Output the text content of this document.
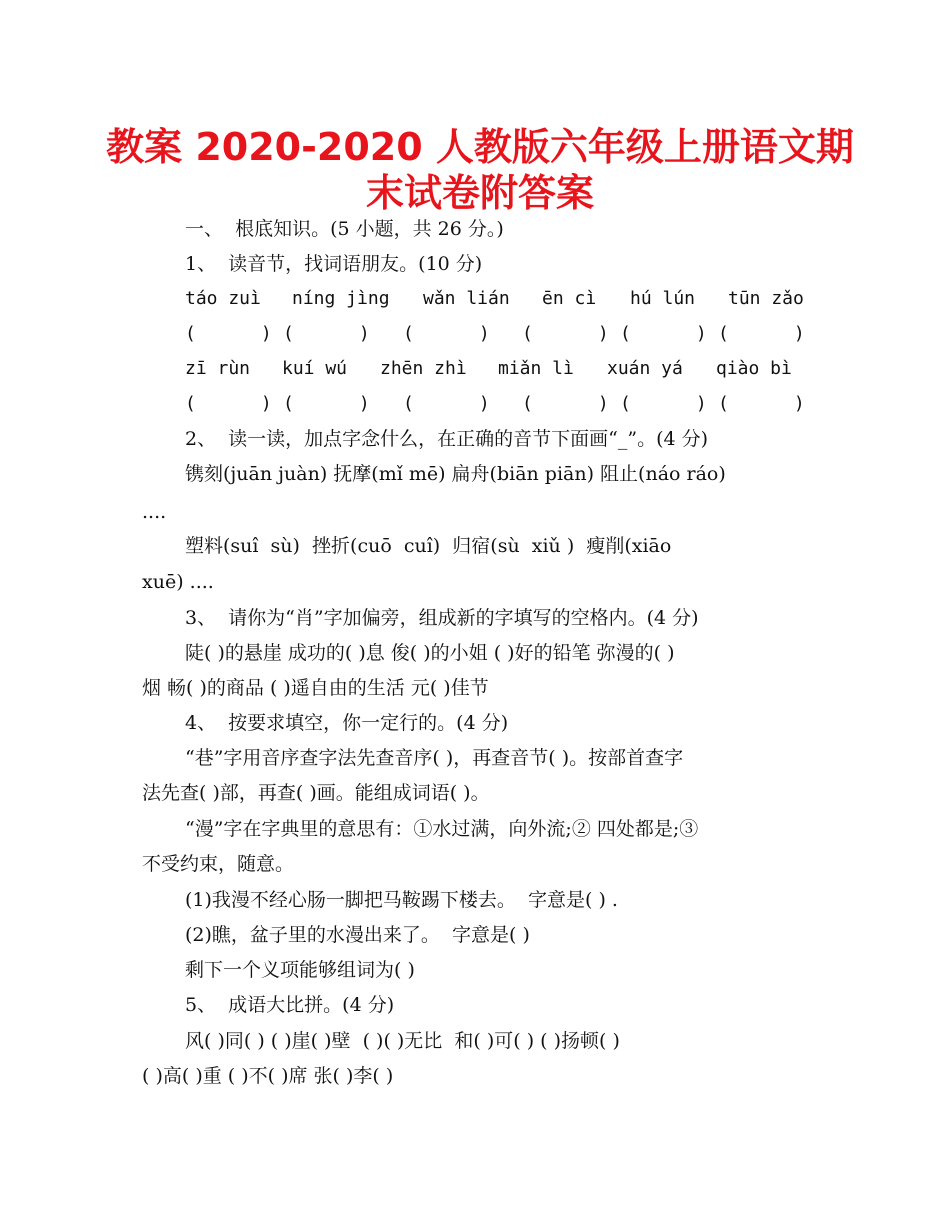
教案 2020-2020 人教版六年级上册语文期
末试卷附答案
一、  根底知识。(5 小题，共 26 分。)
1、  读音节，找词语朋友。(10 分)
táo zuì níng jìng wǎn lián ēn cì hú lún tūn zǎo
(      ) (      ) (      ) (      ) (      ) (      )
zī rùn kuí wú zhēn zhì miǎn lì xuán yá qiào bì
(      ) (      ) (      ) (      ) (      ) (      )
2、  读一读，加点字念什么，在正确的音节下面画“_”。(4 分)
镌刻(juān juàn) 抚摩(mǐ mē) 扁舟(biān piān) 阻止(náo ráo)
....
塑料(suî  sù)  挫折(cuō  cuî)  归宿(sù  xiǔ )  瘦削(xiāo
xuē) ....
3、  请你为“肖”字加偏旁，组成新的字填写的空格内。(4 分)
陡( )的悬崖 成功的( )息 俊( )的小姐 ( )好的铅笔 弥漫的( )
烟 畅( )的商品 ( )遥自由的生活 元( )佳节
4、  按要求填空，你一定行的。(4 分)
“巷”字用音序查字法先查音序( )，再查音节( )。按部首查字
法先查( )部，再查( )画。能组成词语( )。
“漫”字在字典里的意思有：①水过满，向外流;② 四处都是;③
不受约束，随意。
(1)我漫不经心肠一脚把马鞍踢下楼去。  字意是( ) .
(2)瞧，盆子里的水漫出来了。  字意是( )
剩下一个义项能够组词为( )
5、  成语大比拼。(4 分)
风( )同( ) ( )崖( )壁  ( )( )无比  和( )可( ) ( )扬顿( )
( )高( )重 ( )不( )席 张( )李( )
